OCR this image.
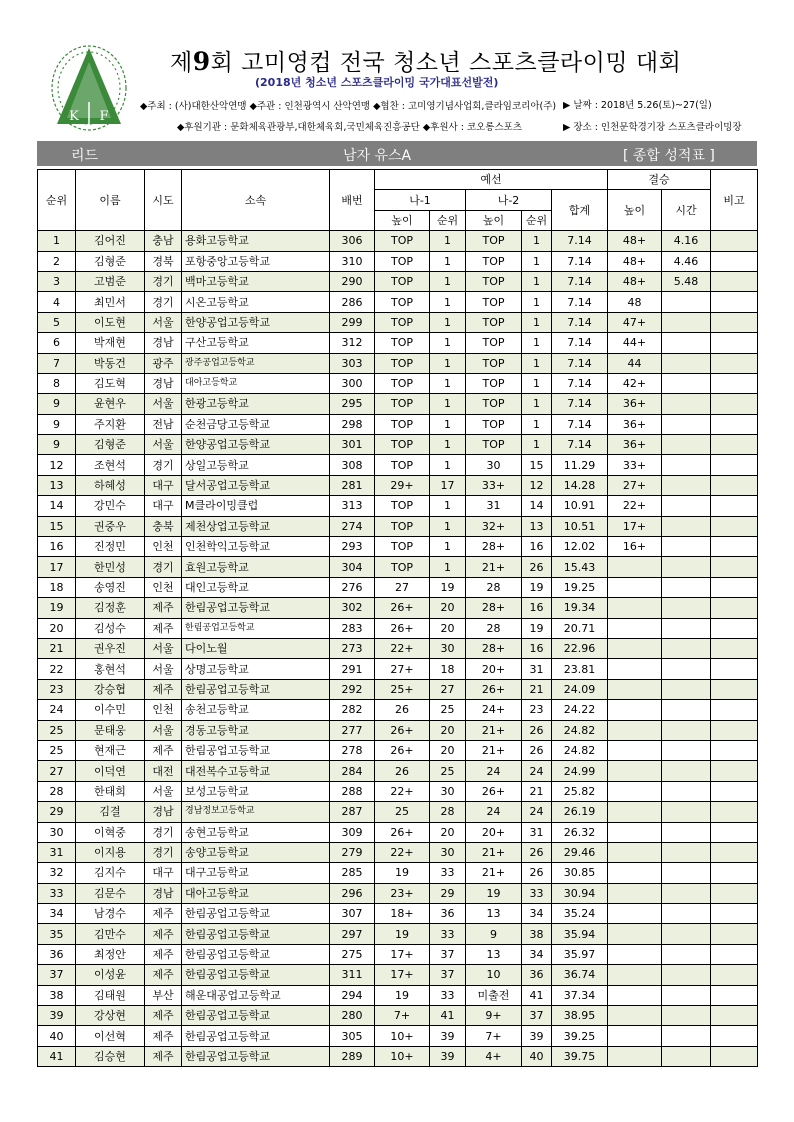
K F
제9회 고미영컵 전국 청소년 스포츠클라이밍 대회
(2018년 청소년 스포츠클라이밍 국가대표선발전)
◆주최 : (사)대한산악연맹 ◆주관 : 인천광역시 산악연맹 ◆협찬 : 고미영기념사업회,클라임코리아(주) ▶ 날짜 : 2018년 5.26(토)~27(일)
◆후원기관 : 문화체육관광부,대한체육회,국민체육진흥공단 ◆후원사 : 코오롱스포츠	▶ 장소 : 인천문학경기장 스포츠클라이밍장
리드	남자 유스A	[ 종합 성적표 ]
순위	이름	시도	소속	배번	예선					결승		비고
					나-1		나-2		합계	높이	시간	
					높이	순위	높이	순위				
1	김어진	충남	용화고등학교	306	TOP	1	TOP	1	7.14	48+	4.16	
2	김형준	경북	포항중앙고등학교	310	TOP	1	TOP	1	7.14	48+	4.46	
3	고범준	경기	백마고등학교	290	TOP	1	TOP	1	7.14	48+	5.48	
4	최민서	경기	시온고등학교	286	TOP	1	TOP	1	7.14	48		
5	이도현	서울	한양공업고등학교	299	TOP	1	TOP	1	7.14	47+		
6	박재현	경남	구산고등학교	312	TOP	1	TOP	1	7.14	44+		
7	박동건	광주	광주공업고등학교	303	TOP	1	TOP	1	7.14	44		
8	김도혁	경남	대아고등학교	300	TOP	1	TOP	1	7.14	42+		
9	윤현우	서울	한광고등학교	295	TOP	1	TOP	1	7.14	36+		
9	주지환	전남	순천금당고등학교	298	TOP	1	TOP	1	7.14	36+		
9	김형준	서울	한양공업고등학교	301	TOP	1	TOP	1	7.14	36+		
12	조현석	경기	상일고등학교	308	TOP	1	30	15	11.29	33+		
13	하혜성	대구	달서공업고등학교	281	29+	17	33+	12	14.28	27+		
14	강민수	대구	M클라이밍클럽	313	TOP	1	31	14	10.91	22+		
15	권중우	충북	제천상업고등학교	274	TOP	1	32+	13	10.51	17+		
16	진정민	인천	인천학익고등학교	293	TOP	1	28+	16	12.02	16+		
17	한민성	경기	효원고등학교	304	TOP	1	21+	26	15.43			
18	송영진	인천	대인고등학교	276	27	19	28	19	19.25			
19	김정훈	제주	한림공업고등학교	302	26+	20	28+	16	19.34			
20	김성수	제주	한림공업고등학교	283	26+	20	28	19	20.71			
21	권우진	서울	다이노월	273	22+	30	28+	16	22.96			
22	홍현석	서울	상명고등학교	291	27+	18	20+	31	23.81			
23	강승협	제주	한림공업고등학교	292	25+	27	26+	21	24.09			
24	이수민	인천	송천고등학교	282	26	25	24+	23	24.22			
25	문태웅	서울	경동고등학교	277	26+	20	21+	26	24.82			
25	현재근	제주	한림공업고등학교	278	26+	20	21+	26	24.82			
27	이덕연	대전	대전복수고등학교	284	26	25	24	24	24.99			
28	한태희	서울	보성고등학교	288	22+	30	26+	21	25.82			
29	김결	경남	경남정보고등학교	287	25	28	24	24	26.19			
30	이혁중	경기	송현고등학교	309	26+	20	20+	31	26.32			
31	이지용	경기	송양고등학교	279	22+	30	21+	26	29.46			
32	김지수	대구	대구고등학교	285	19	33	21+	26	30.85			
33	김문수	경남	대아고등학교	296	23+	29	19	33	30.94			
34	남경수	제주	한림공업고등학교	307	18+	36	13	34	35.24			
35	김만수	제주	한림공업고등학교	297	19	33	9	38	35.94			
36	최정안	제주	한림공업고등학교	275	17+	37	13	34	35.97			
37	이성윤	제주	한림공업고등학교	311	17+	37	10	36	36.74			
38	김태원	부산	해운대공업고등학교	294	19	33	미출전	41	37.34			
39	강상현	제주	한림공업고등학교	280	7+	41	9+	37	38.95			
40	이선혁	제주	한림공업고등학교	305	10+	39	7+	39	39.25			
41	김승현	제주	한림공업고등학교	289	10+	39	4+	40	39.75			
